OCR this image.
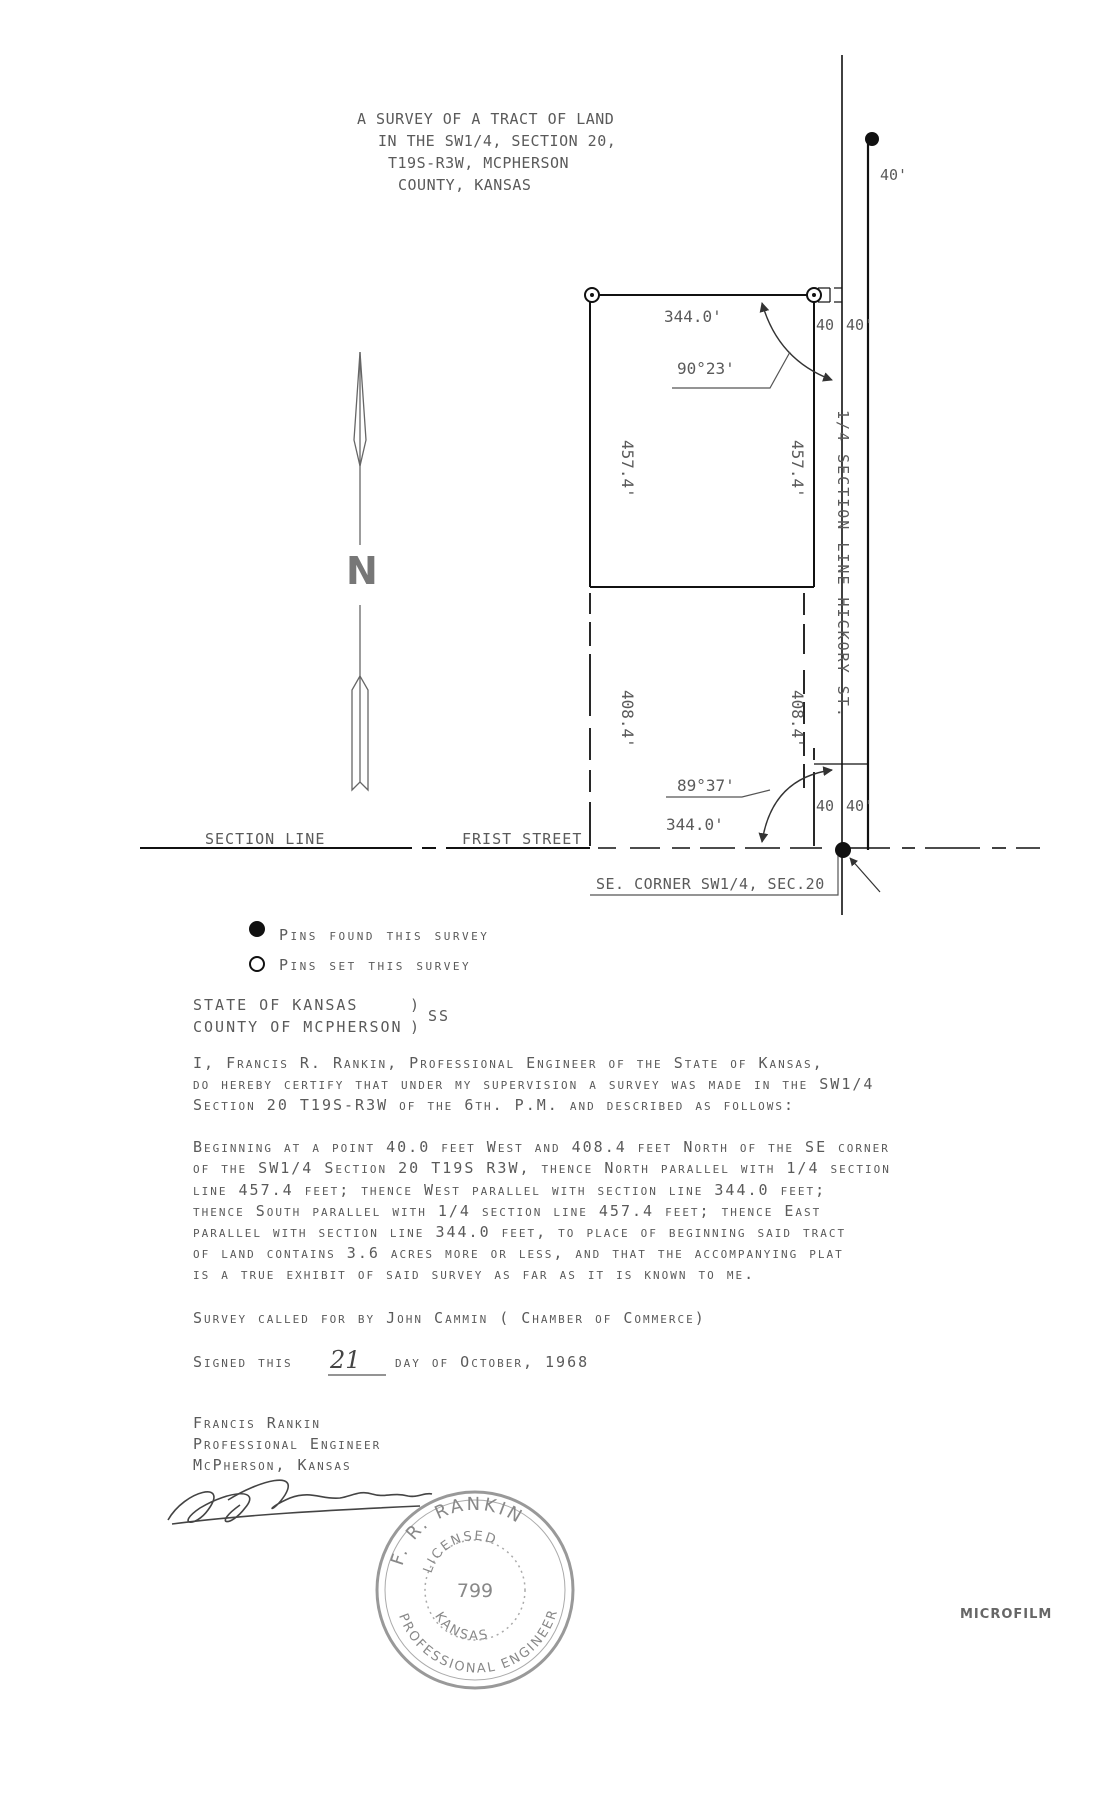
A SURVEY OF A TRACT OF LAND
IN THE SW1/4, SECTION 20,
T19S-R3W, MCPHERSON
COUNTY, KANSAS
N
40'
40 40'
40 40'
344.0'
90°23'
89°37'
344.0'
457.4'	457.4'
408.4'	408.4'
1/4 SECTION LINE HICKORY ST.
SECTION LINE	FRIST STREET
SE. CORNER SW1/4, SEC.20
Pins found this survey
Pins set this survey
F. R. RANKIN
PROFESSIONAL ENGINEER
LICENSED
KANSAS
799
21
STATE OF KANSAS
COUNTY OF MCPHERSON
)
)
SS
I, Francis R. Rankin, Professional Engineer of the State of Kansas,
do hereby certify that under my supervision a survey was made in the SW1/4
Section 20 T19S-R3W of the 6th. P.M. and described as follows:
Beginning at a point 40.0 feet West and 408.4 feet North of the SE corner
of the SW1/4 Section 20 T19S R3W, thence North parallel with 1/4 section
line 457.4 feet; thence West parallel with section line 344.0 feet;
thence South parallel with 1/4 section line 457.4 feet; thence East
parallel with section line 344.0 feet, to place of beginning said tract
of land contains 3.6 acres more or less, and that the accompanying plat
is a true exhibit of said survey as far as it is known to me.
Survey called for by John Cammin ( Chamber of Commerce)
Signed this	day of October, 1968
Francis Rankin
Professional Engineer
McPherson, Kansas
MICROFILM
